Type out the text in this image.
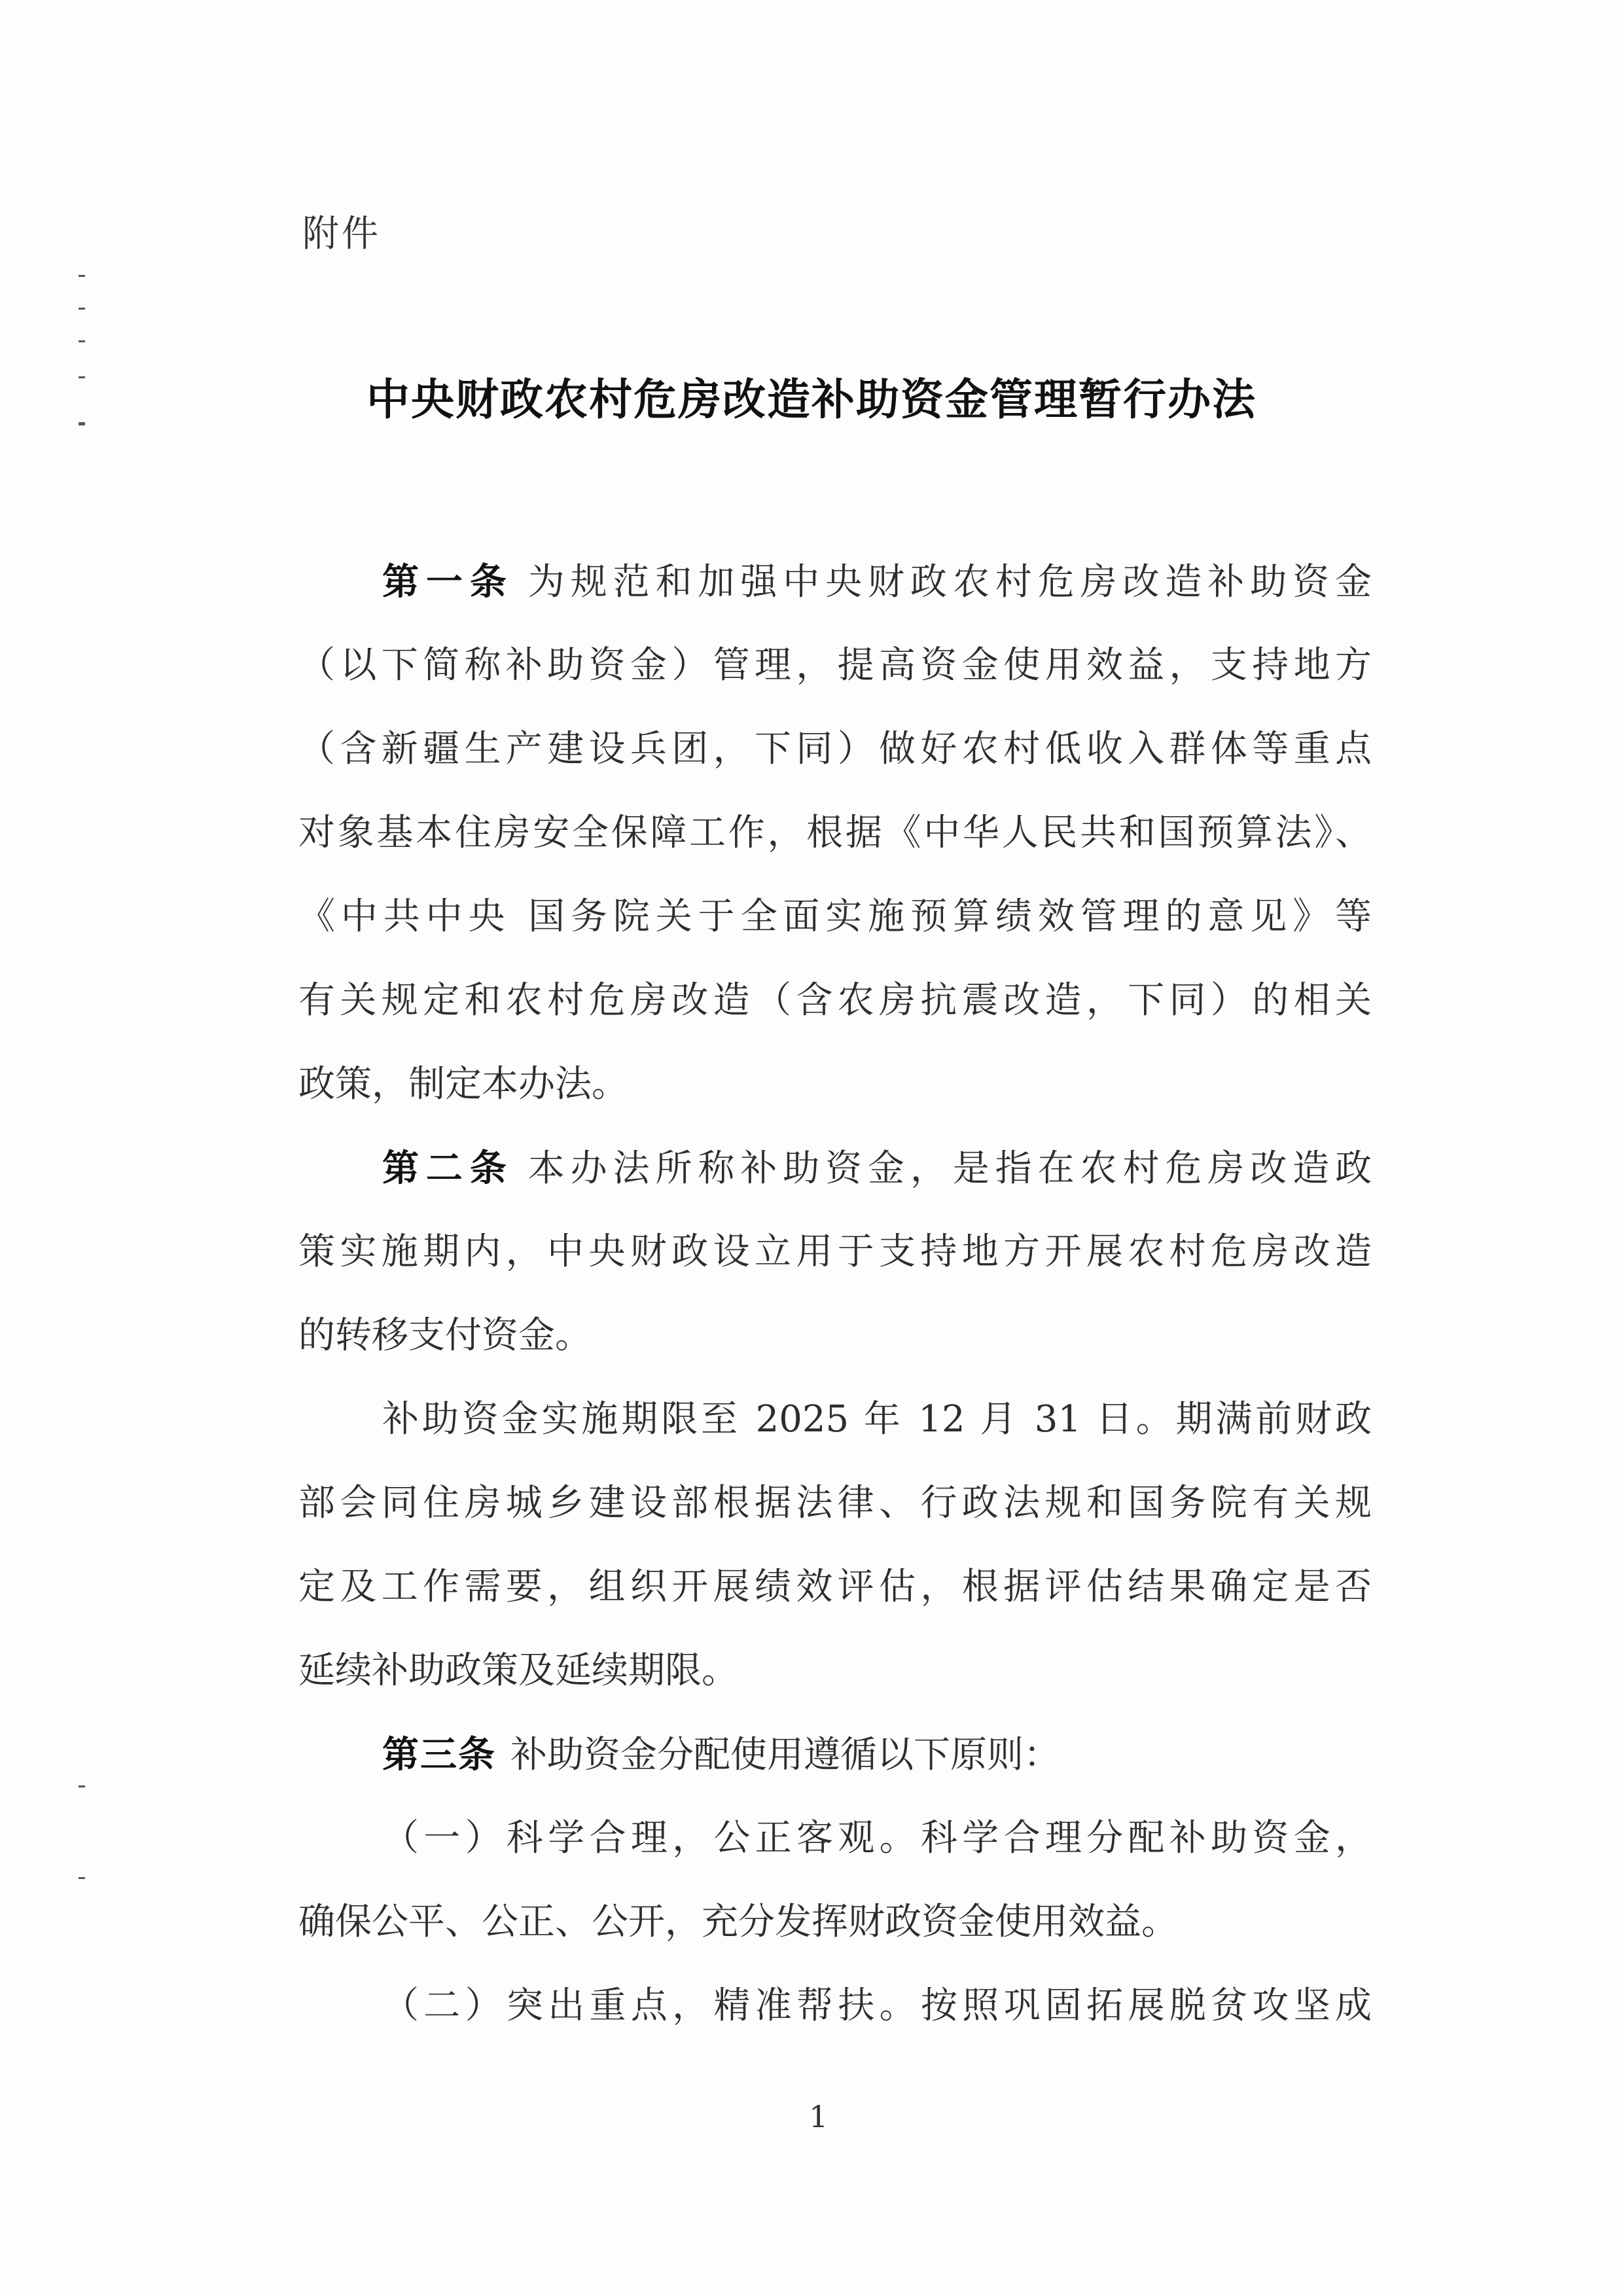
附件
中央财政农村危房改造补助资金管理暂行办法
第一条 为规范和加强中央财政农村危房改造补助资金
（以下简称补助资金）管理，提高资金使用效益，支持地方
（含新疆生产建设兵团，下同）做好农村低收入群体等重点
对象基本住房安全保障工作，根据《中华人民共和国预算法》、
《中共中央 国务院关于全面实施预算绩效管理的意见》等
有关规定和农村危房改造（含农房抗震改造，下同）的相关
政策，制定本办法。
第二条 本办法所称补助资金，是指在农村危房改造政
策实施期内，中央财政设立用于支持地方开展农村危房改造
的转移支付资金。
补助资金实施期限至 2025 年 12 月 31 日。期满前财政
部会同住房城乡建设部根据法律、行政法规和国务院有关规
定及工作需要，组织开展绩效评估，根据评估结果确定是否
延续补助政策及延续期限。
第三条 补助资金分配使用遵循以下原则：
（一）科学合理，公正客观。科学合理分配补助资金，
确保公平、公正、公开，充分发挥财政资金使用效益。
（二）突出重点，精准帮扶。按照巩固拓展脱贫攻坚成
1
